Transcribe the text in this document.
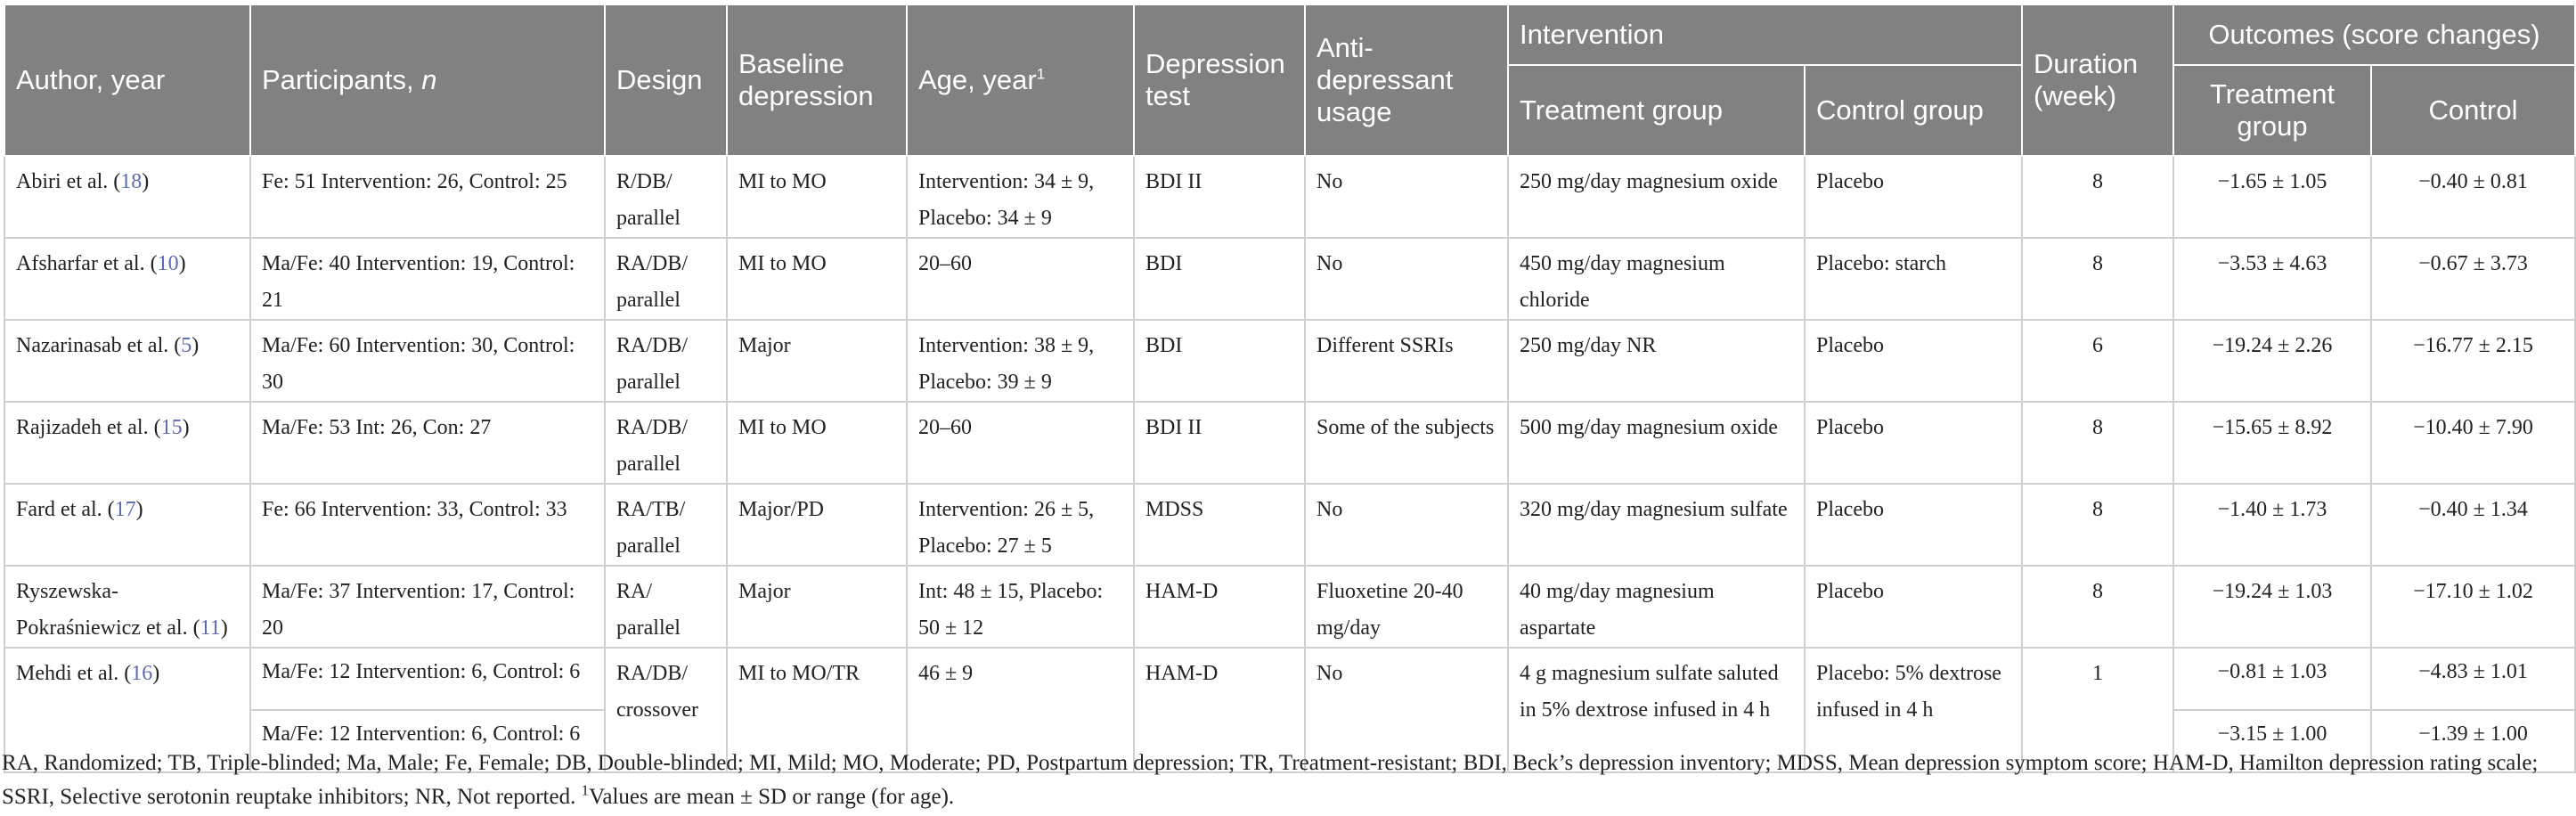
Author, year	Participants, n	Design	Baseline depression	Age, year$^1$	Depression test	Anti-depressant usage	Intervention		Duration (week)	Outcomes (score changes)	
							Treatment group	Control group		Treatment group	Control
Abiri et al. (18)	Fe: 51 Intervention: 26, Control: 25	R/DB/ parallel	MI to MO	Intervention: 34 ± 9, Placebo: 34 ± 9	BDI II	No	250 mg/day magnesium oxide	Placebo	8	−1.65 ± 1.05	−0.40 ± 0.81
Afsharfar et al. (10)	Ma/Fe: 40 Intervention: 19, Control: 21	RA/DB/ parallel	MI to MO	20–60	BDI	No	450 mg/day magnesium chloride	Placebo: starch	8	−3.53 ± 4.63	−0.67 ± 3.73
Nazarinasab et al. (5)	Ma/Fe: 60 Intervention: 30, Control: 30	RA/DB/ parallel	Major	Intervention: 38 ± 9, Placebo: 39 ± 9	BDI	Different SSRIs	250 mg/day NR	Placebo	6	−19.24 ± 2.26	−16.77 ± 2.15
Rajizadeh et al. (15)	Ma/Fe: 53 Int: 26, Con: 27	RA/DB/ parallel	MI to MO	20–60	BDI II	Some of the subjects	500 mg/day magnesium oxide	Placebo	8	−15.65 ± 8.92	−10.40 ± 7.90
Fard et al. (17)	Fe: 66 Intervention: 33, Control: 33	RA/TB/ parallel	Major/PD	Intervention: 26 ± 5, Placebo: 27 ± 5	MDSS	No	320 mg/day magnesium sulfate	Placebo	8	−1.40 ± 1.73	−0.40 ± 1.34
Ryszewska-Pokraśniewicz et al. (11)	Ma/Fe: 37 Intervention: 17, Control: 20	RA/ parallel	Major	Int: 48 ± 15, Placebo: 50 ± 12	HAM-D	Fluoxetine 20-40 mg/day	40 mg/day magnesium aspartate	Placebo	8	−19.24 ± 1.03	−17.10 ± 1.02
Mehdi et al. (16)	Ma/Fe: 12 Intervention: 6, Control: 6	RA/DB/ crossover	MI to MO/TR	46 ± 9	HAM-D	No	4 g magnesium sulfate saluted in 5% dextrose infused in 4 h	Placebo: 5% dextrose infused in 4 h	1	−0.81 ± 1.03	−4.83 ± 1.01
	Ma/Fe: 12 Intervention: 6, Control: 6									−3.15 ± 1.00	−1.39 ± 1.00
RA, Randomized; TB, Triple-blinded; Ma, Male; Fe, Female; DB, Double-blinded; MI, Mild; MO, Moderate; PD, Postpartum depression; TR, Treatment-resistant; BDI, Beck’s depression inventory; MDSS, Mean depression symptom score; HAM-D, Hamilton depression rating scale; SSRI, Selective serotonin reuptake inhibitors; NR, Not reported. $^1$Values are mean ± SD or range (for age).
